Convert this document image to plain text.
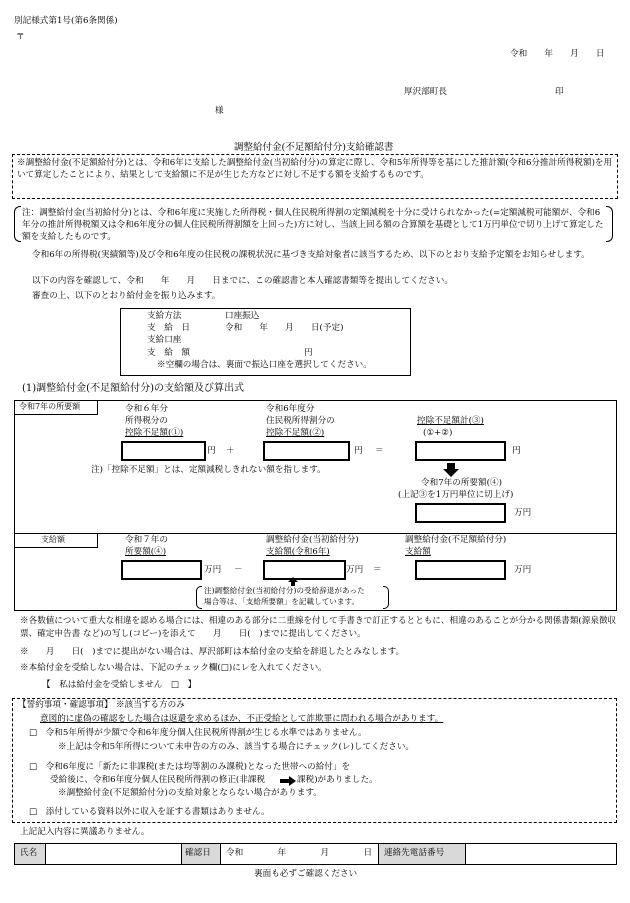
別記様式第1号(第6条関係)
〒
令和　　年　　月　　日
厚沢部町長	印
様
調整給付金(不足額給付分)支給確認書
※調整給付金(不足額給付分)とは、令和6年に支給した調整給付金(当初給付分)の算定に際し、令和5年所得等を基にした推計額(令和6分推計所得税額)を用いて算定したことにより、結果として支給額に不足が生じた方などに対し不足する額を支給するものです。
注：調整給付金(当初給付分)とは、令和6年度に実施した所得税・個人住民税所得割の定額減税を十分に受けられなかった(=定額減税可能額が、令和6年分の推計所得税額又は令和6年度分の個人住民税所得割額を上回った)方に対し、当該上回る額の合算額を基礎として1万円単位で切り上げて算定した額を支給したものです。
令和6年の所得税(実績額等)及び令和6年度の住民税の課税状況に基づき支給対象者に該当するため、以下のとおり支給予定額をお知らせします。
以下の内容を確認して、令和　　年　　月　　日までに、この確認書と本人確認書類等を提出してください。
審査の上、以下のとおり給付金を振り込みます。
支給方法	口座振込
支　給　日	令和　　年　　月　　日(予定)
支給口座
支　給　額	円
※空欄の場合は、裏面で振込口座を選択してください。
(1)調整給付金(不足額給付分)の支給額及び算出式
令和7年の所要額	令和６年分
所得税分の
控除不足額(①)
円 ＋
令和6年度分
住民税所得割分の
控除不足額(②)
円 ＝
控除不足額計(③)
(①+②)
円
注)「控除不足額」とは、定額減税しきれない額を指します。
令和7年の所要額(④)
(上記③を1万円単位に切上げ)
万円
支給額	令和７年の
所要額(④)
万円 －
調整給付金(当初給付分)
支給額(令和6年)
万円 ＝
調整給付金(不足額給付分)
支給額
万円
注)調整給付金(当初給付分)の受給辞退があった
場合等は、「支給所要額」を記載しています。
※各数値について重大な相違を認める場合には、相違のある部分に二重線を付して手書きで訂正するとともに、相違のあることが分かる関係書類(源泉徴収票、確定申告書 など)の写し(コピー)を添えて　　月　　日(　)までに提出してください。
※　　月　　日(　)までに提出がない場合は、厚沢部町は本給付金の支給を辞退したとみなします。
※本給付金を受給しない場合は、下記のチェック欄(□)にレを入れてください。
【　私は給付金を受給しません　□　】
【誓約事項・確認事項】 ※該当する方のみ
意図的に虚偽の確認をした場合は返還を求めるほか、不正受給として詐欺罪に問われる場合があります。
□　令和5年所得が少額で令和6年度分個人住民税所得割が生じる水準ではありません。
※上記は令和5年所得について未申告の方のみ、該当する場合にチェック(レ)してください。
□　令和6年度に「新たに非課税(または均等割のみ課税)となった世帯への給付」を
受給後に、令和6年度分個人住民税所得割の修正(非課税	課税)がありました。
※調整給付金(不足額給付分)の支給対象とならない場合があります。
□　添付している資料以外に収入を証する書類はありません。
上記記入内容に異議ありません。
氏名	確認日 令和　　　　年　　　　月　　　　日 連絡先電話番号
裏面も必ずご確認ください
